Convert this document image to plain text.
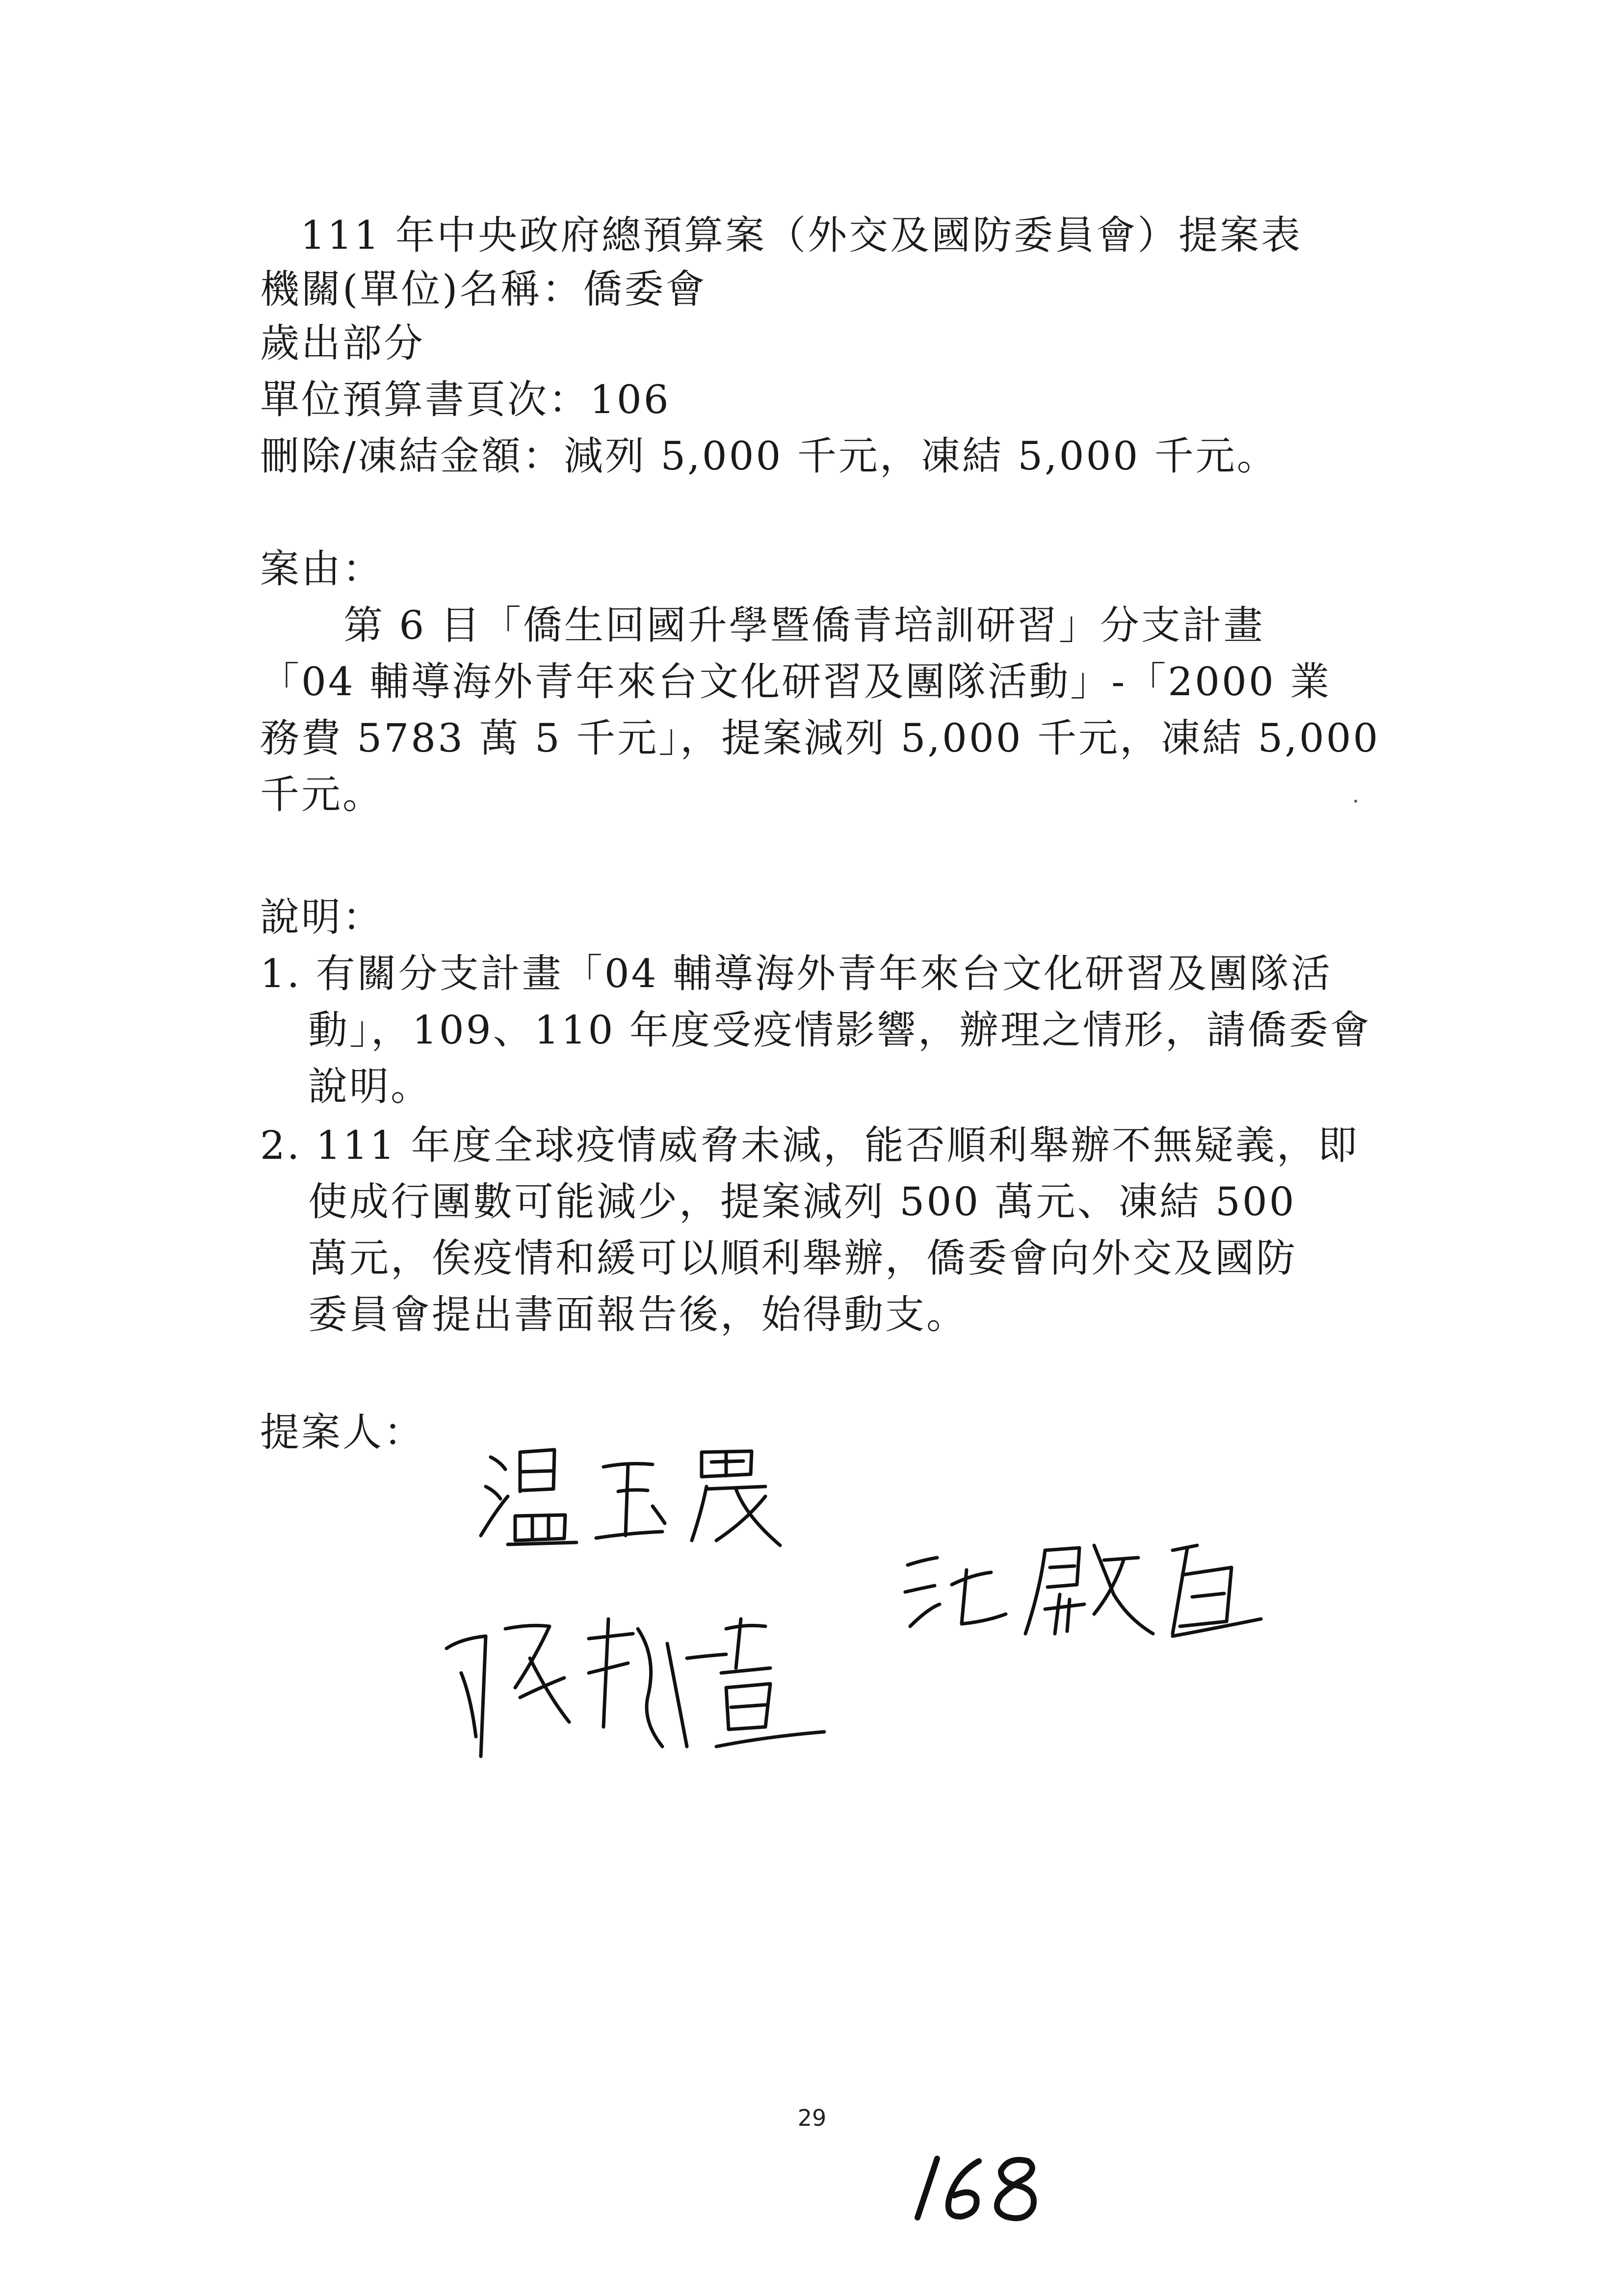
111 年中央政府總預算案（外交及國防委員會）提案表
機關(單位)名稱：僑委會
歲出部分
單位預算書頁次：106
刪除/凍結金額：減列 5,000 千元，凍結 5,000 千元。
案由：
第 6 目「僑生回國升學暨僑青培訓研習」分支計畫
「04 輔導海外青年來台文化研習及團隊活動」-「2000 業
務費 5783 萬 5 千元」，提案減列 5,000 千元，凍結 5,000
千元。
說明：
1. 有關分支計畫「04 輔導海外青年來台文化研習及團隊活
動」，109、110 年度受疫情影響，辦理之情形，請僑委會
說明。
2. 111 年度全球疫情威脅未減，能否順利舉辦不無疑義，即
使成行團數可能減少，提案減列 500 萬元、凍結 500
萬元，俟疫情和緩可以順利舉辦，僑委會向外交及國防
委員會提出書面報告後，始得動支。
提案人：
29
